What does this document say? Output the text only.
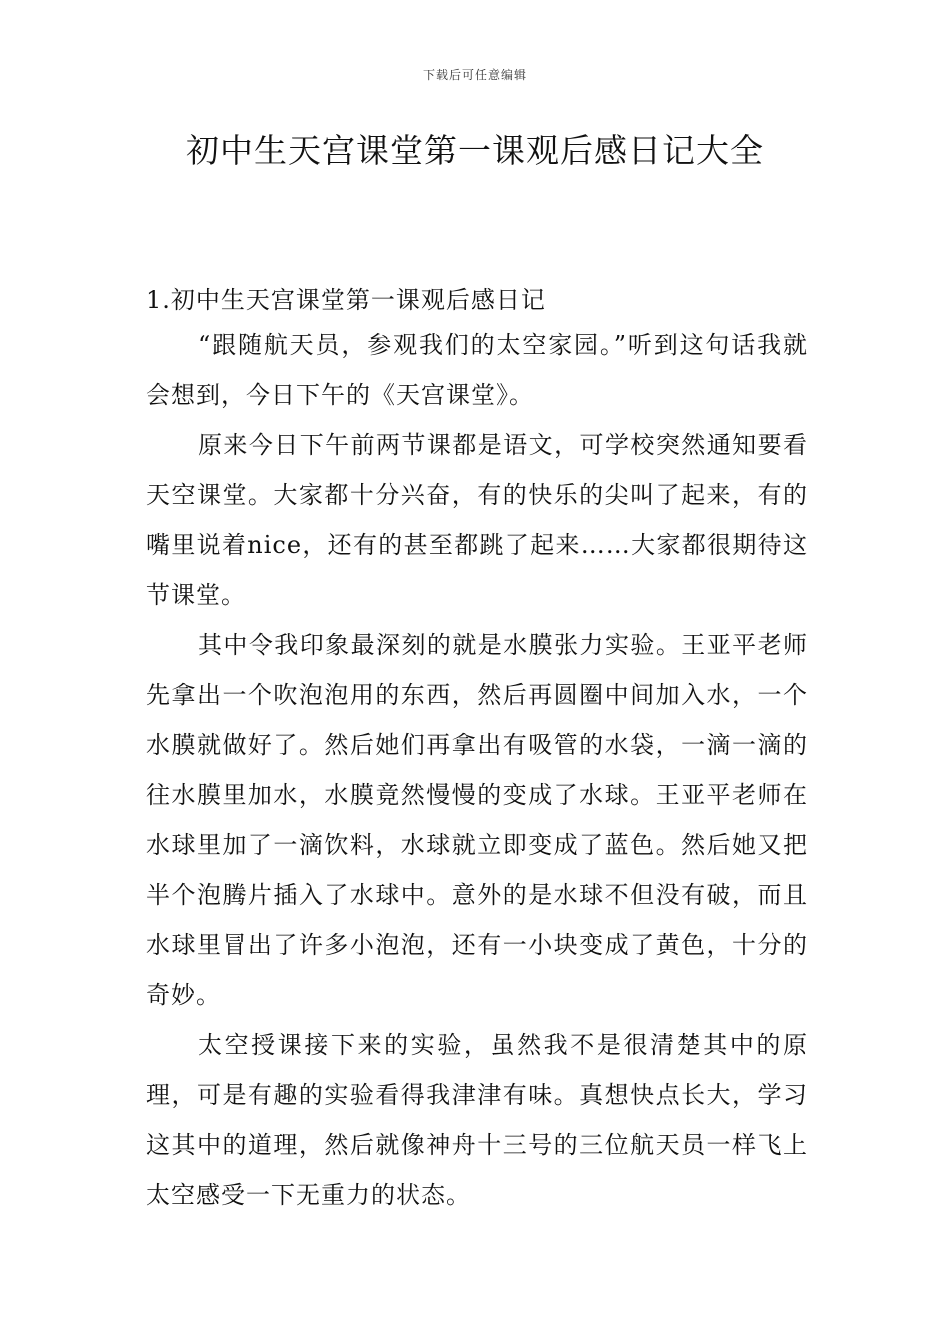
下载后可任意编辑

初中生天宫课堂第一课观后感日记大全
1.初中生天宫课堂第一课观后感日记

“跟随航天员，参观我们的太空家园。”听到这句话我就会想到，今日下午的《天宫课堂》。

原来今日下午前两节课都是语文，可学校突然通知要看天空课堂。大家都十分兴奋，有的快乐的尖叫了起来，有的嘴里说着nice，还有的甚至都跳了起来……大家都很期待这节课堂。

其中令我印象最深刻的就是水膜张力实验。王亚平老师先拿出一个吹泡泡用的东西，然后再圆圈中间加入水，一个水膜就做好了。然后她们再拿出有吸管的水袋，一滴一滴的往水膜里加水，水膜竟然慢慢的变成了水球。王亚平老师在水球里加了一滴饮料，水球就立即变成了蓝色。然后她又把半个泡腾片插入了水球中。意外的是水球不但没有破，而且水球里冒出了许多小泡泡，还有一小块变成了黄色，十分的奇妙。

太空授课接下来的实验，虽然我不是很清楚其中的原理，可是有趣的实验看得我津津有味。真想快点长大，学习这其中的道理，然后就像神舟十三号的三位航天员一样飞上太空感受一下无重力的状态。
